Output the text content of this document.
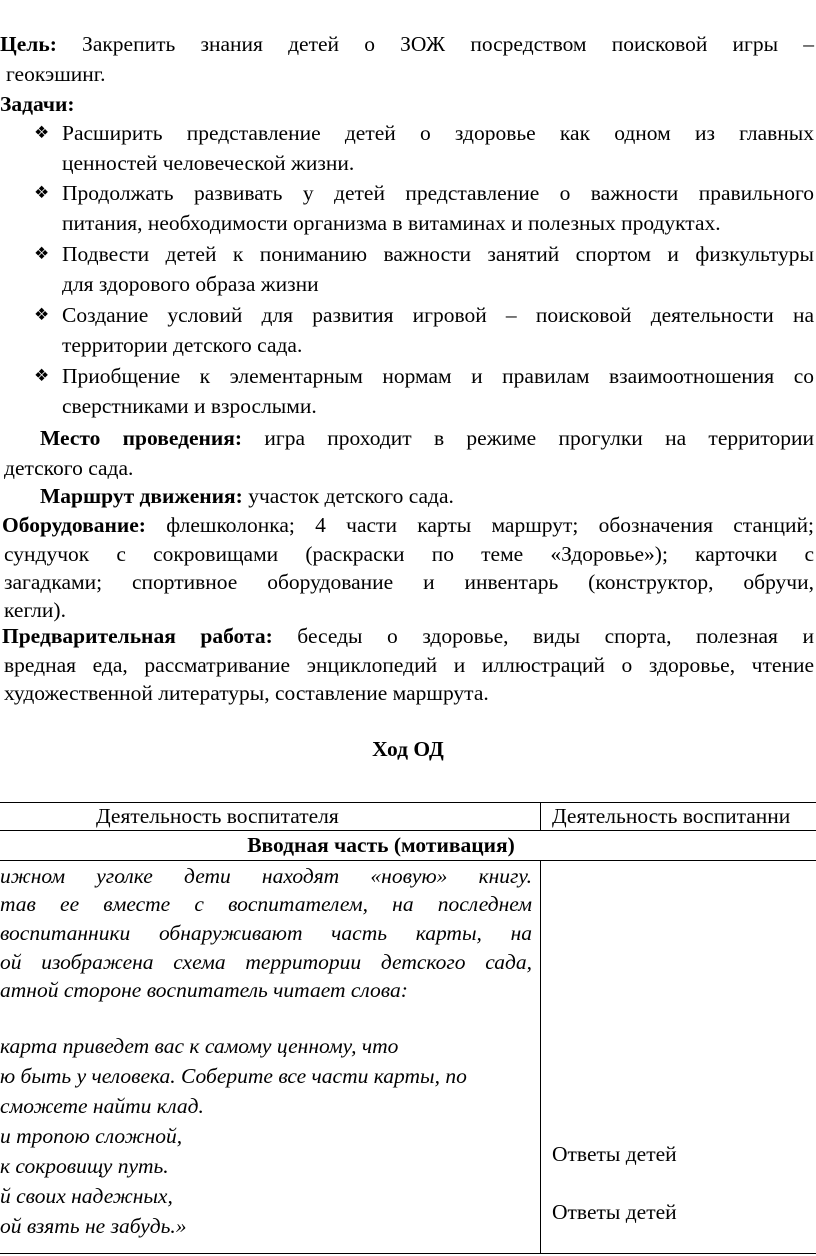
Цель: Закрепить знания детей о ЗОЖ посредством поисковой игры –
геокэшинг.
Задачи:
❖ Расширить представление детей о здоровье как одном из главных
ценностей человеческой жизни.
❖ Продолжать развивать у детей представление о важности правильного
питания, необходимости организма в витаминах и полезных продуктах.
❖ Подвести детей к пониманию важности занятий спортом и физкультуры
для здорового образа жизни
❖ Создание условий для развития игровой – поисковой деятельности на
территории детского сада.
❖ Приобщение к элементарным нормам и правилам взаимоотношения со
сверстниками и взрослыми.
Место проведения: игра проходит в режиме прогулки на территории
детского сада.
Маршрут движения: участок детского сада.
Оборудование: флешколонка; 4 части карты маршрут; обозначения станций;
сундучок с сокровищами (раскраски по теме «Здоровье»); карточки с
загадками; спортивное оборудование и инвентарь (конструктор, обручи,
кегли).
Предварительная работа: беседы о здоровье, виды спорта, полезная и
вредная еда, рассматривание энциклопедий и иллюстраций о здоровье, чтение
художественной литературы, составление маршрута.
Ход ОД
Деятельность воспитателя	Деятельность воспитанни
Вводная часть (мотивация)
ижном уголке дети находят «новую» книгу.
тав ее вместе с воспитателем, на последнем
воспитанники обнаруживают часть карты, на
ой изображена схема территории детского сада,
атной стороне воспитатель читает слова:
карта приведет вас к самому ценному, что
ю быть у человека. Соберите все части карты, по
сможете найти клад.
и тропою сложной,
к сокровищу путь.
й своих надежных,
ой взять не забудь.»
Ответы детей
Ответы детей
